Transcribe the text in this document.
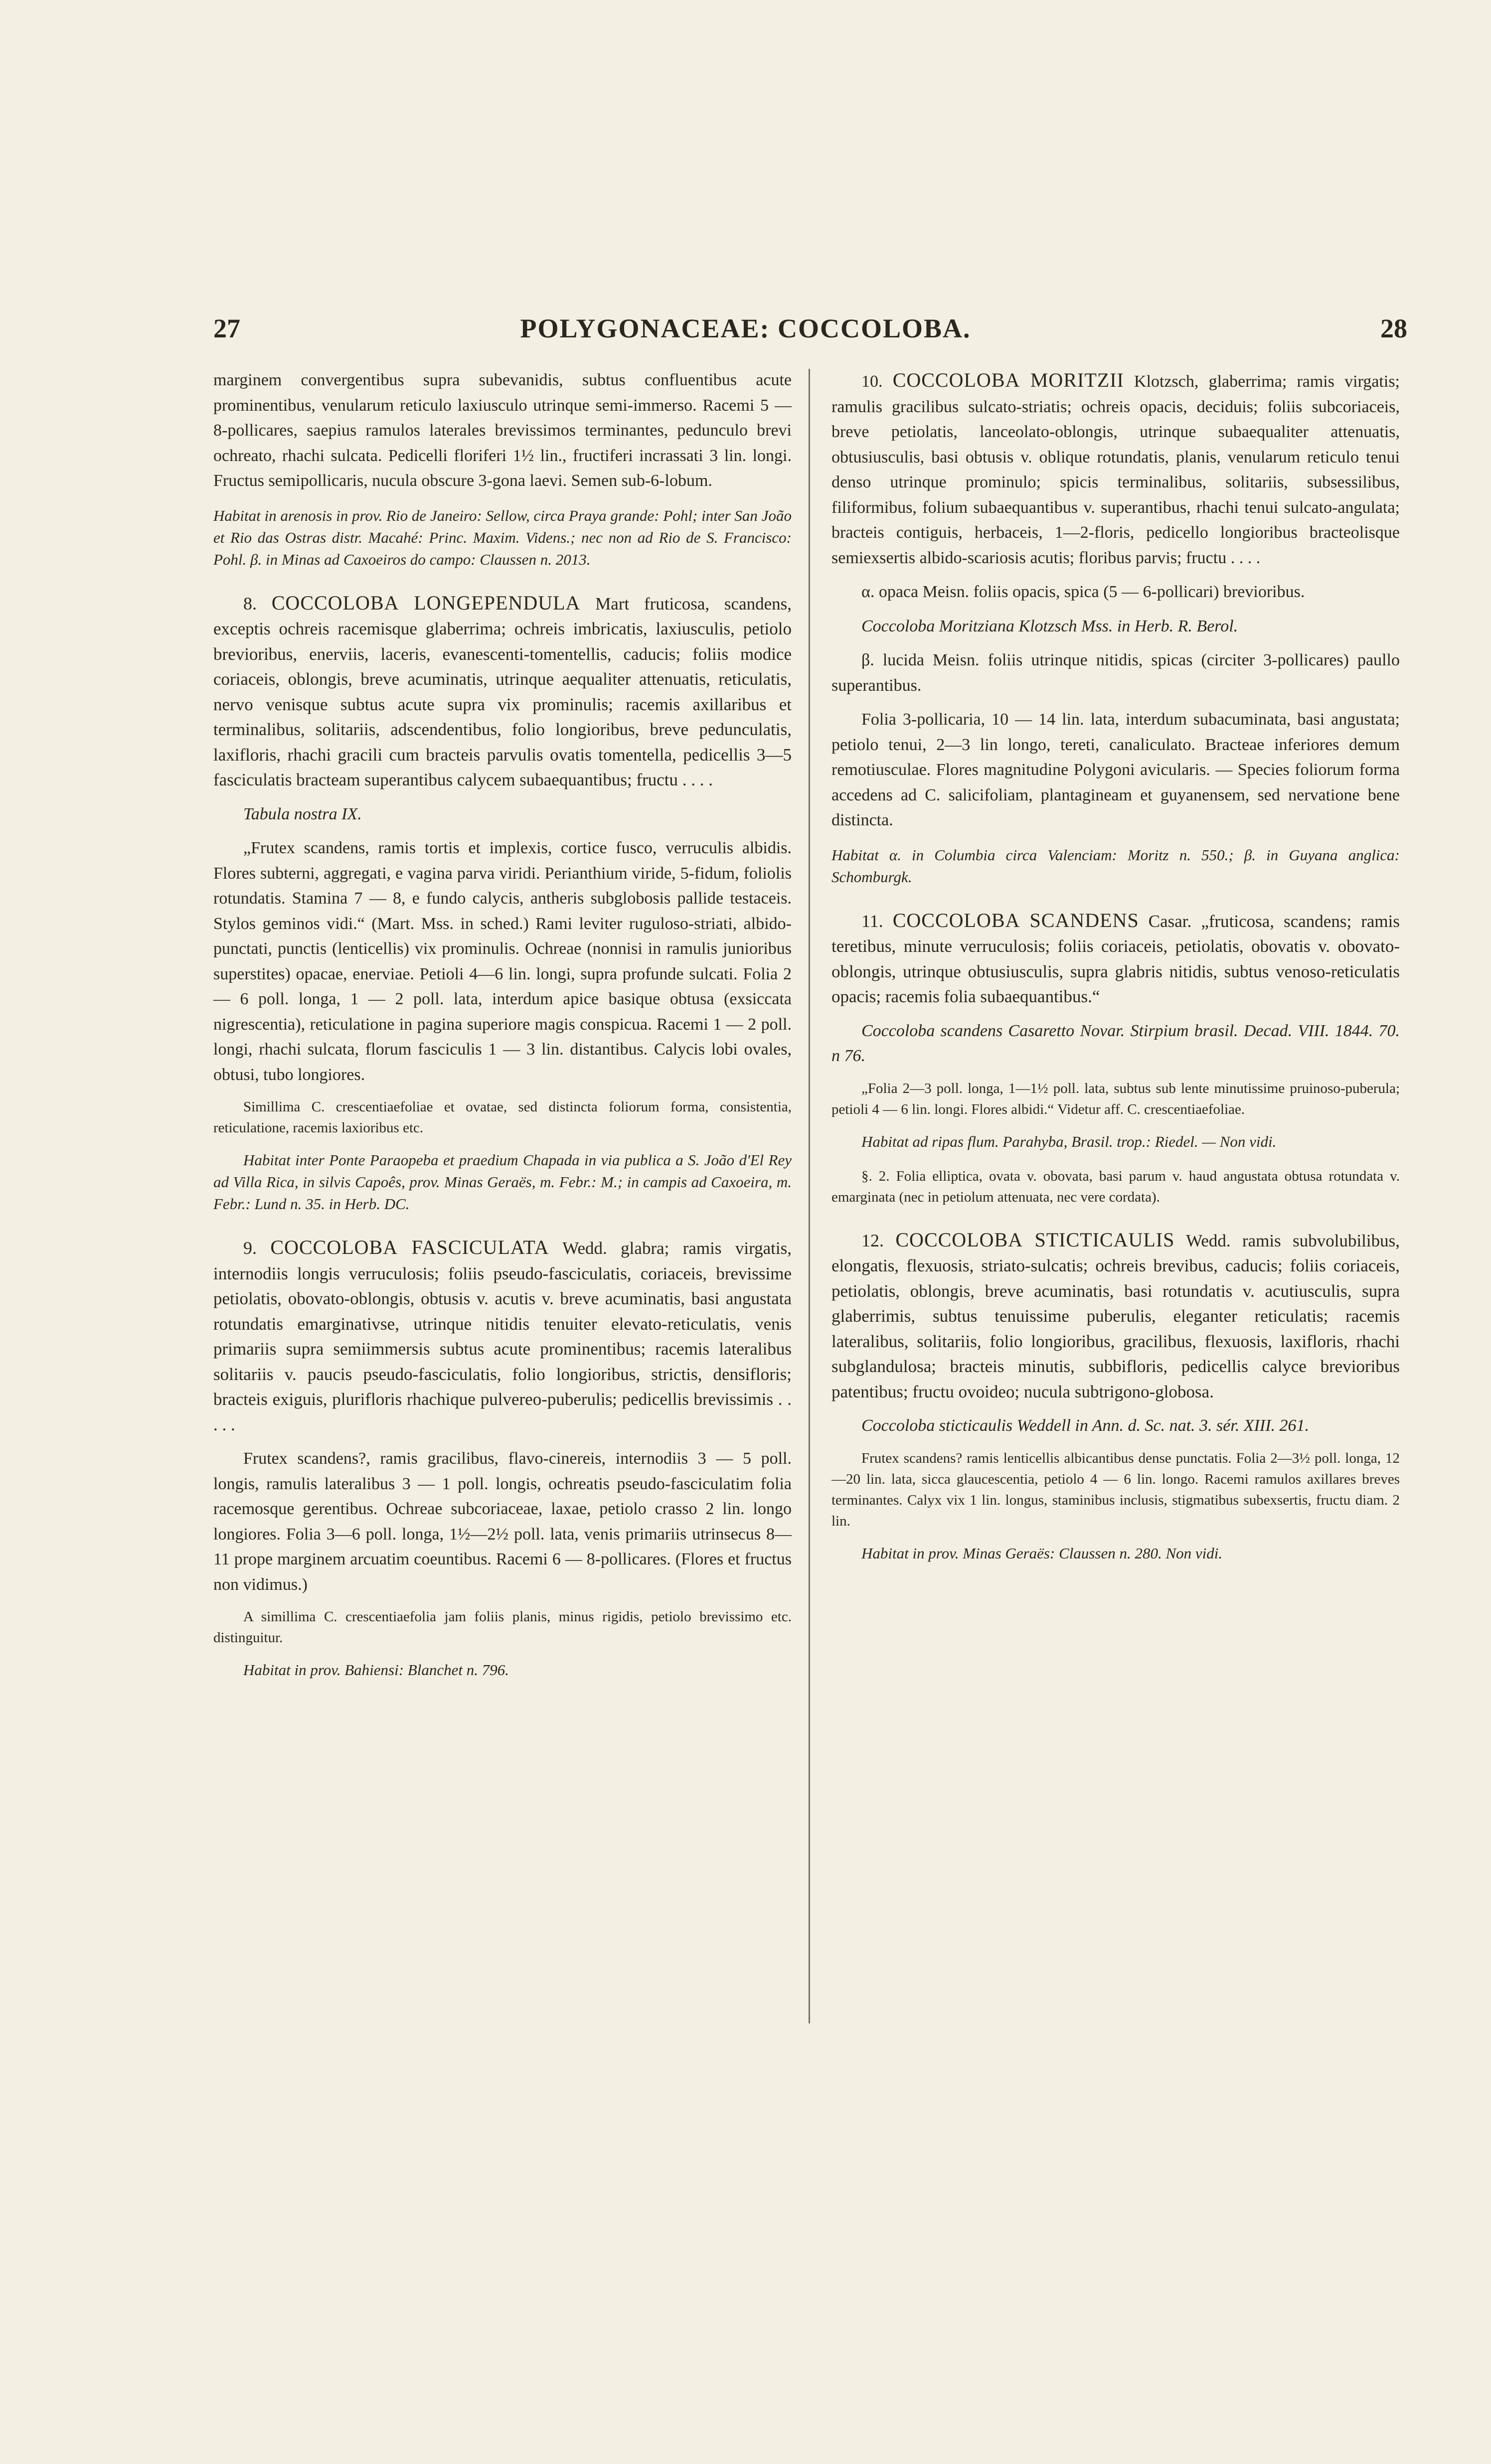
27	POLYGONACEAE: COCCOLOBA.	28

marginem convergentibus supra subevanidis, subtus confluentibus acute prominentibus, venularum reticulo laxiusculo utrinque semi-immerso. Racemi 5 — 8-pollicares, saepius ramulos laterales brevissimos terminantes, pedunculo brevi ochreato, rhachi sulcata. Pedicelli floriferi 1½ lin., fructiferi incrassati 3 lin. longi. Fructus semipollicaris, nucula obscure 3-gona laevi. Semen sub-6-lobum.

Habitat in arenosis in prov. Rio de Janeiro: Sellow, circa Praya grande: Pohl; inter San João et Rio das Ostras distr. Macahé: Princ. Maxim. Videns.; nec non ad Rio de S. Francisco: Pohl. β. in Minas ad Caxoeiros do campo: Claussen n. 2013.

8. COCCOLOBA LONGEPENDULA Mart fruticosa, scandens, exceptis ochreis racemisque glaberrima; ochreis imbricatis, laxiusculis, petiolo brevioribus, enerviis, laceris, evanescenti-tomentellis, caducis; foliis modice coriaceis, oblongis, breve acuminatis, utrinque aequaliter attenuatis, reticulatis, nervo venisque subtus acute supra vix prominulis; racemis axillaribus et terminalibus, solitariis, adscendentibus, folio longioribus, breve pedunculatis, laxifloris, rhachi gracili cum bracteis parvulis ovatis tomentella, pedicellis 3—5 fasciculatis bracteam superantibus calycem subaequantibus; fructu . . . .

Tabula nostra IX.

„Frutex scandens, ramis tortis et implexis, cortice fusco, verruculis albidis. Flores subterni, aggregati, e vagina parva viridi. Perianthium viride, 5-fidum, foliolis rotundatis. Stamina 7 — 8, e fundo calycis, antheris subglobosis pallide testaceis. Stylos geminos vidi.“ (Mart. Mss. in sched.) Rami leviter ruguloso-striati, albido-punctati, punctis (lenticellis) vix prominulis. Ochreae (nonnisi in ramulis junioribus superstites) opacae, enerviae. Petioli 4—6 lin. longi, supra profunde sulcati. Folia 2 — 6 poll. longa, 1 — 2 poll. lata, interdum apice basique obtusa (exsiccata nigrescentia), reticulatione in pagina superiore magis conspicua. Racemi 1 — 2 poll. longi, rhachi sulcata, florum fasciculis 1 — 3 lin. distantibus. Calycis lobi ovales, obtusi, tubo longiores.

Simillima C. crescentiaefoliae et ovatae, sed distincta foliorum forma, consistentia, reticulatione, racemis laxioribus etc.

Habitat inter Ponte Paraopeba et praedium Chapada in via publica a S. João d'El Rey ad Villa Rica, in silvis Capoês, prov. Minas Geraës, m. Febr.: M.; in campis ad Caxoeira, m. Febr.: Lund n. 35. in Herb. DC.

9. COCCOLOBA FASCICULATA Wedd. glabra; ramis virgatis, internodiis longis verruculosis; foliis pseudo-fasciculatis, coriaceis, brevissime petiolatis, obovato-oblongis, obtusis v. acutis v. breve acuminatis, basi angustata rotundatis emarginativse, utrinque nitidis tenuiter elevato-reticulatis, venis primariis supra semiimmersis subtus acute prominentibus; racemis lateralibus solitariis v. paucis pseudo-fasciculatis, folio longioribus, strictis, densifloris; bracteis exiguis, plurifloris rhachique pulvereo-puberulis; pedicellis brevissimis . . . . .

Frutex scandens?, ramis gracilibus, flavo-cinereis, internodiis 3 — 5 poll. longis, ramulis lateralibus 3 — 1 poll. longis, ochreatis pseudo-fasciculatim folia racemosque gerentibus. Ochreae subcoriaceae, laxae, petiolo crasso 2 lin. longo longiores. Folia 3—6 poll. longa, 1½—2½ poll. lata, venis primariis utrinsecus 8—11 prope marginem arcuatim coeuntibus. Racemi 6 — 8-pollicares. (Flores et fructus non vidimus.)

A simillima C. crescentiaefolia jam foliis planis, minus rigidis, petiolo brevissimo etc. distinguitur.

Habitat in prov. Bahiensi: Blanchet n. 796.

10. COCCOLOBA MORITZII Klotzsch, glaberrima; ramis virgatis; ramulis gracilibus sulcato-striatis; ochreis opacis, deciduis; foliis subcoriaceis, breve petiolatis, lanceolato-oblongis, utrinque subaequaliter attenuatis, obtusiusculis, basi obtusis v. oblique rotundatis, planis, venularum reticulo tenui denso utrinque prominulo; spicis terminalibus, solitariis, subsessilibus, filiformibus, folium subaequantibus v. superantibus, rhachi tenui sulcato-angulata; bracteis contiguis, herbaceis, 1—2-floris, pedicello longioribus bracteolisque semiexsertis albido-scariosis acutis; floribus parvis; fructu . . . .

α. opaca Meisn. foliis opacis, spica (5 — 6-pollicari) brevioribus.

Coccoloba Moritziana Klotzsch Mss. in Herb. R. Berol.

β. lucida Meisn. foliis utrinque nitidis, spicas (circiter 3-pollicares) paullo superantibus.

Folia 3-pollicaria, 10 — 14 lin. lata, interdum subacuminata, basi angustata; petiolo tenui, 2—3 lin longo, tereti, canaliculato. Bracteae inferiores demum remotiusculae. Flores magnitudine Polygoni avicularis. — Species foliorum forma accedens ad C. salicifoliam, plantagineam et guyanensem, sed nervatione bene distincta.

Habitat α. in Columbia circa Valenciam: Moritz n. 550.; β. in Guyana anglica: Schomburgk.

11. COCCOLOBA SCANDENS Casar. „fruticosa, scandens; ramis teretibus, minute verruculosis; foliis coriaceis, petiolatis, obovatis v. obovato-oblongis, utrinque obtusiusculis, supra glabris nitidis, subtus venoso-reticulatis opacis; racemis folia subaequantibus.“

Coccoloba scandens Casaretto Novar. Stirpium brasil. Decad. VIII. 1844. 70. n 76.

„Folia 2—3 poll. longa, 1—1½ poll. lata, subtus sub lente minutissime pruinoso-puberula; petioli 4 — 6 lin. longi. Flores albidi.“ Videtur aff. C. crescentiaefoliae.

Habitat ad ripas flum. Parahyba, Brasil. trop.: Riedel. — Non vidi.

§. 2. Folia elliptica, ovata v. obovata, basi parum v. haud angustata obtusa rotundata v. emarginata (nec in petiolum attenuata, nec vere cordata).

12. COCCOLOBA STICTICAULIS Wedd. ramis subvolubilibus, elongatis, flexuosis, striato-sulcatis; ochreis brevibus, caducis; foliis coriaceis, petiolatis, oblongis, breve acuminatis, basi rotundatis v. acutiusculis, supra glaberrimis, subtus tenuissime puberulis, eleganter reticulatis; racemis lateralibus, solitariis, folio longioribus, gracilibus, flexuosis, laxifloris, rhachi subglandulosa; bracteis minutis, subbifloris, pedicellis calyce brevioribus patentibus; fructu ovoideo; nucula subtrigono-globosa.

Coccoloba sticticaulis Weddell in Ann. d. Sc. nat. 3. sér. XIII. 261.

Frutex scandens? ramis lenticellis albicantibus dense punctatis. Folia 2—3½ poll. longa, 12—20 lin. lata, sicca glaucescentia, petiolo 4 — 6 lin. longo. Racemi ramulos axillares breves terminantes. Calyx vix 1 lin. longus, staminibus inclusis, stigmatibus subexsertis, fructu diam. 2 lin.

Habitat in prov. Minas Geraës: Claussen n. 280. Non vidi.
